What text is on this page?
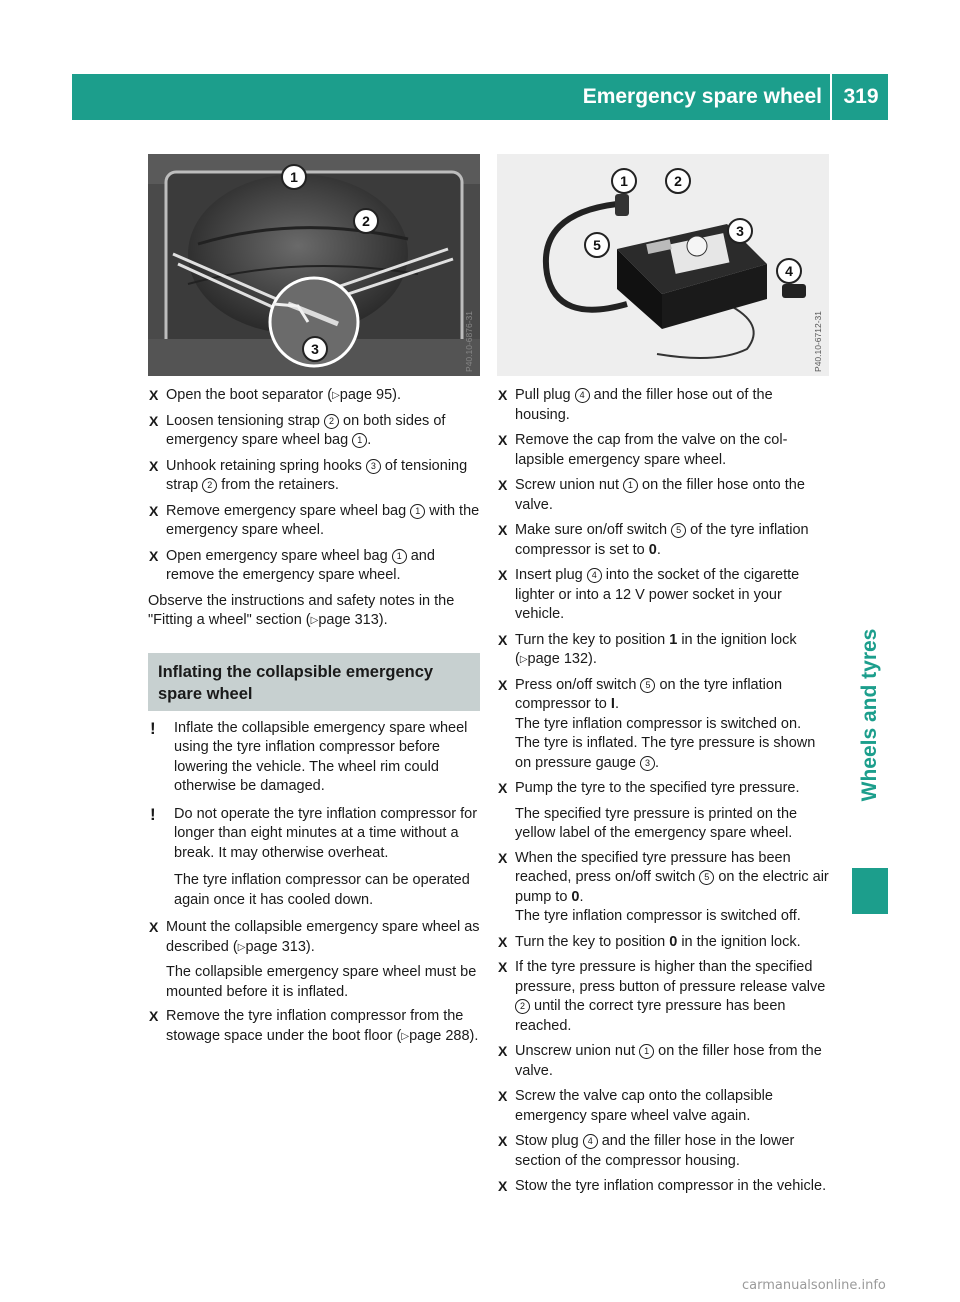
Emergency spare wheel	319
Wheels and tyres
1
2
3	P40.10-6876-31
1	2
3
4
5
P40.10-6712-31
X Open the boot separator (▷page 95).
X Loosen tensioning strap 2 on both sides of emergency spare wheel bag 1 .
X Unhook retaining spring hooks 3 of tensioning strap 2 from the retainers.
X Remove emergency spare wheel bag 1 with the emergency spare wheel.
X Open emergency spare wheel bag 1 and remove the emergency spare wheel.

Observe the instructions and safety notes in the "Fitting a wheel" section (▷page 313).

Inflating the collapsible emergency spare wheel
! Inflate the collapsible emergency spare wheel using the tyre inflation compressor before lowering the vehicle. The wheel rim could otherwise be damaged.
! Do not operate the tyre inflation compressor for longer than eight minutes at a time without a break. It may otherwise overheat.

The tyre inflation compressor can be operated again once it has cooled down.

X Mount the collapsible emergency spare wheel as described (▷page 313).

The collapsible emergency spare wheel must be mounted before it is inflated.

X Remove the tyre inflation compressor from the stowage space under the boot floor (▷page 288).
X Pull plug 4 and the filler hose out of the housing.
X Remove the cap from the valve on the collapsible emergency spare wheel.
X Screw union nut 1 on the filler hose onto the valve.
X Make sure on/off switch 5 of the tyre inflation compressor is set to 0.
X Insert plug 4 into the socket of the cigarette lighter or into a 12 V power socket in your vehicle.
X Turn the key to position 1 in the ignition lock (▷page 132).
X Press on/off switch 5 on the tyre inflation compressor to I.
The tyre inflation compressor is switched on.
The tyre is inflated. The tyre pressure is shown on pressure gauge 3 .
X Pump the tyre to the specified tyre pressure.

The specified tyre pressure is printed on the yellow label of the emergency spare wheel.

X When the specified tyre pressure has been reached, press on/off switch 5 on the electric air pump to 0.
The tyre inflation compressor is switched off.
X Turn the key to position 0 in the ignition lock.
X If the tyre pressure is higher than the specified pressure, press button of pressure release valve 2 until the correct tyre pressure has been reached.
X Unscrew union nut 1 on the filler hose from the valve.
X Screw the valve cap onto the collapsible emergency spare wheel valve again.
X Stow plug 4 and the filler hose in the lower section of the compressor housing.
X Stow the tyre inflation compressor in the vehicle.
carmanualsonline.info
